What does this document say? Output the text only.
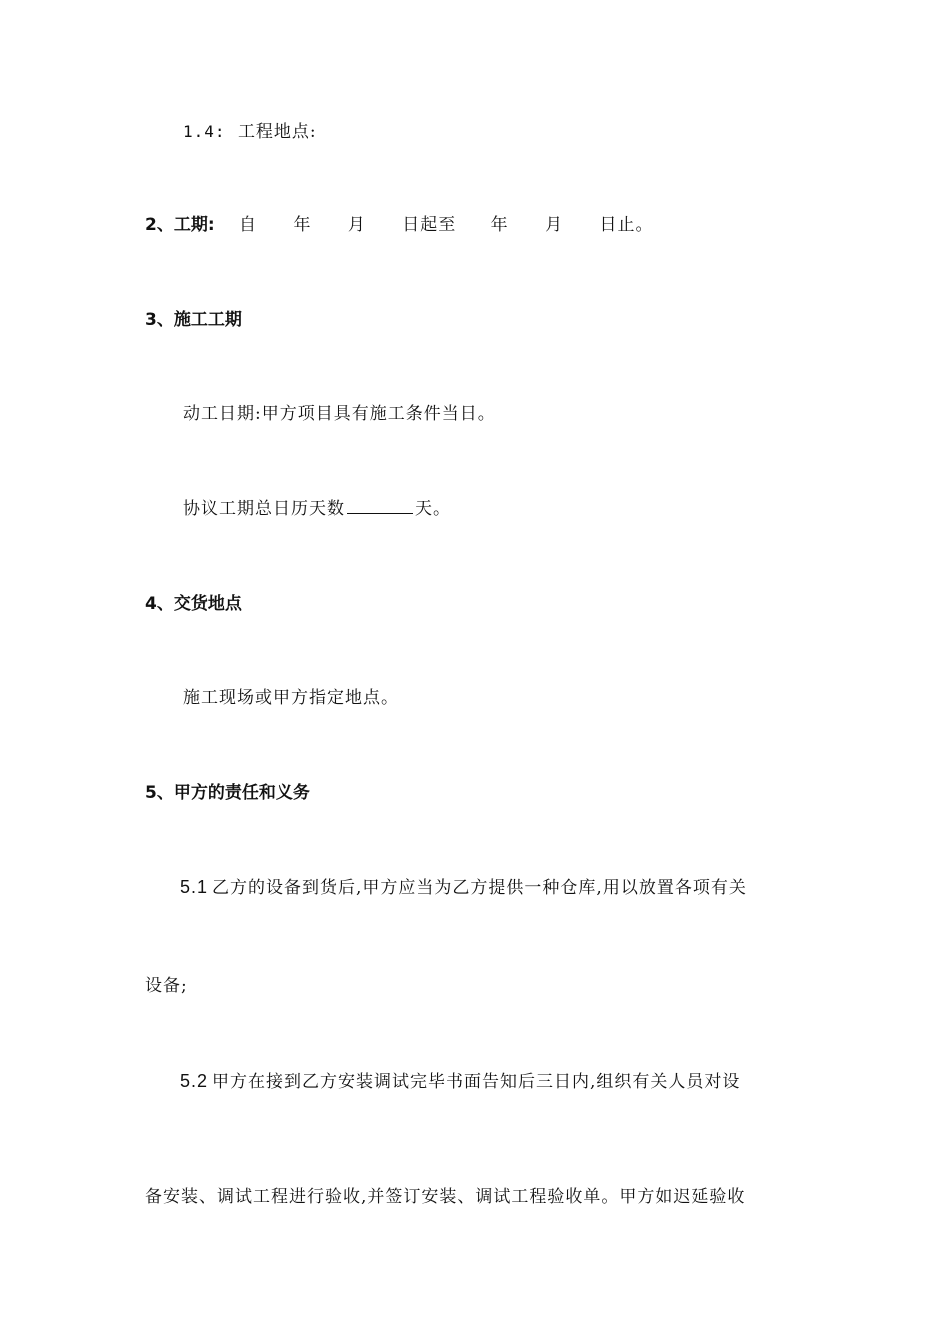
1.4: 工程地点:
2、工期: 自 年 月 日起至 年 月 日止。
3、施工工期
动工日期:甲方项目具有施工条件当日。
协议工期总日历天数	天。
4、交货地点
施工现场或甲方指定地点。
5、甲方的责任和义务
5.1 乙方的设备到货后,甲方应当为乙方提供一种仓库,用以放置各项有关
设备;
5.2 甲方在接到乙方安装调试完毕书面告知后三日内,组织有关人员对设
备安装、调试工程进行验收,并签订安装、调试工程验收单。甲方如迟延验收
